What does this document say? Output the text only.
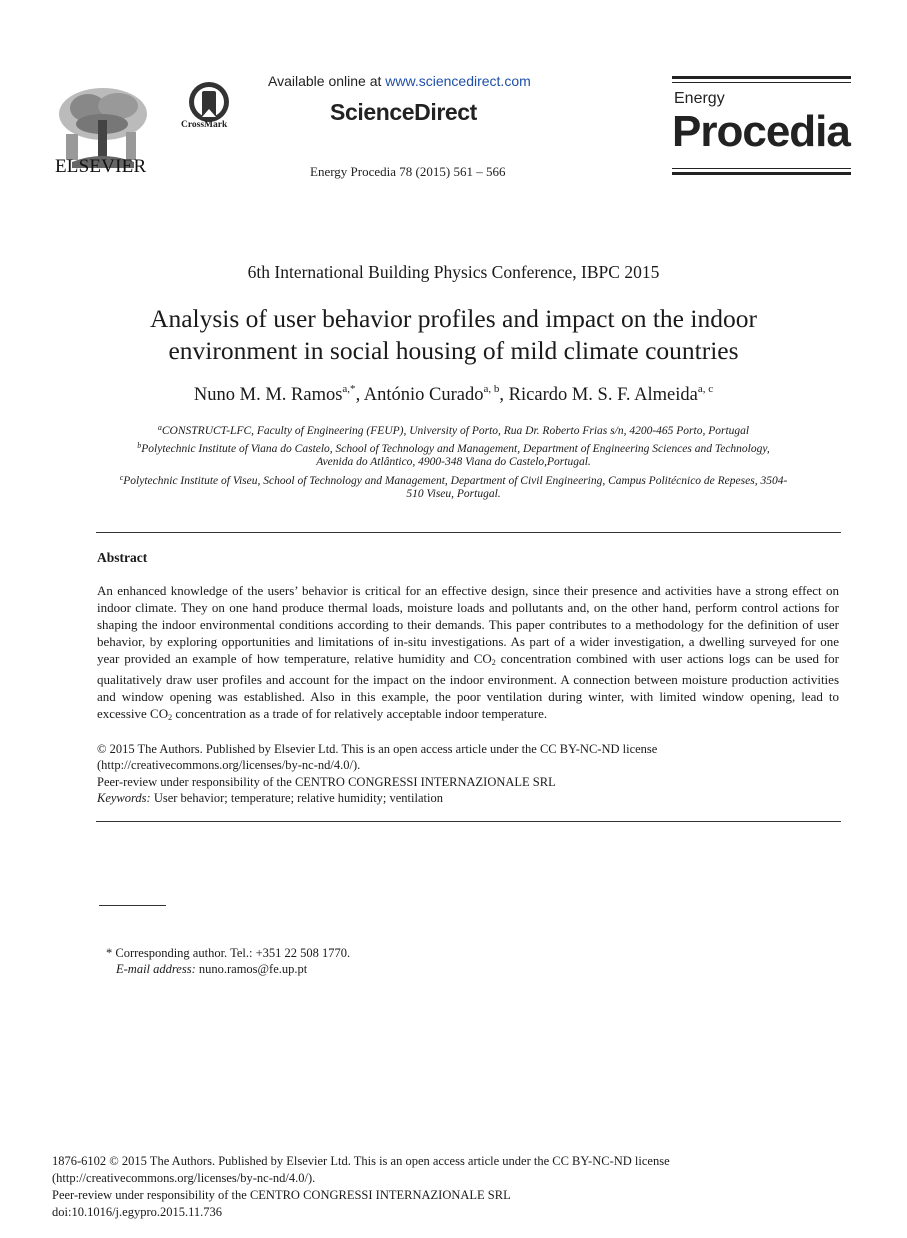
ELSEVIER
CrossMark
Available online at www.sciencedirect.com
ScienceDirect
Energy Procedia 78 (2015) 561 – 566
Energy
Procedia
6th International Building Physics Conference, IBPC 2015
Analysis of user behavior profiles and impact on the indoor
environment in social housing of mild climate countries
Nuno M. M. Ramos$^{a,*}$, António Curado$^{a, b}$, Ricardo M. S. F. Almeida$^{a, c}$
$^a$CONSTRUCT-LFC, Faculty of Engineering (FEUP), University of Porto, Rua Dr. Roberto Frias s/n, 4200-465 Porto, Portugal
$^b$Polytechnic Institute of Viana do Castelo, School of Technology and Management, Department of Engineering Sciences and Technology,
Avenida do Atlântico, 4900-348 Viana do Castelo,Portugal.
$^c$Polytechnic Institute of Viseu, School of Technology and Management, Department of Civil Engineering, Campus Politécnico de Repeses, 3504-
510 Viseu, Portugal.
Abstract
An enhanced knowledge of the users’ behavior is critical for an effective design, since their presence and activities have a strong effect on indoor climate. They on one hand produce thermal loads, moisture loads and pollutants and, on the other hand, perform control actions for shaping the indoor environmental conditions according to their demands. This paper contributes to a methodology for the definition of user behavior, by exploring opportunities and limitations of in-situ investigations. As part of a wider investigation, a dwelling surveyed for one year provided an example of how temperature, relative humidity and CO2 concentration combined with user actions logs can be used for qualitatively draw user profiles and account for the impact on the indoor environment. A connection between moisture production activities and window opening was established. Also in this example, the poor ventilation during winter, with limited window opening, lead to excessive CO2 concentration as a trade of for relatively acceptable indoor temperature.
© 2015 The Authors. Published by Elsevier Ltd. This is an open access article under the CC BY-NC-ND license
(http://creativecommons.org/licenses/by-nc-nd/4.0/).
Peer-review under responsibility of the CENTRO CONGRESSI INTERNAZIONALE SRL
Keywords: User behavior; temperature; relative humidity; ventilation
* Corresponding author. Tel.: +351 22 508 1770.
E-mail address: nuno.ramos@fe.up.pt
1876-6102 © 2015 The Authors. Published by Elsevier Ltd. This is an open access article under the CC BY-NC-ND license
(http://creativecommons.org/licenses/by-nc-nd/4.0/).
Peer-review under responsibility of the CENTRO CONGRESSI INTERNAZIONALE SRL
doi:10.1016/j.egypro.2015.11.736
